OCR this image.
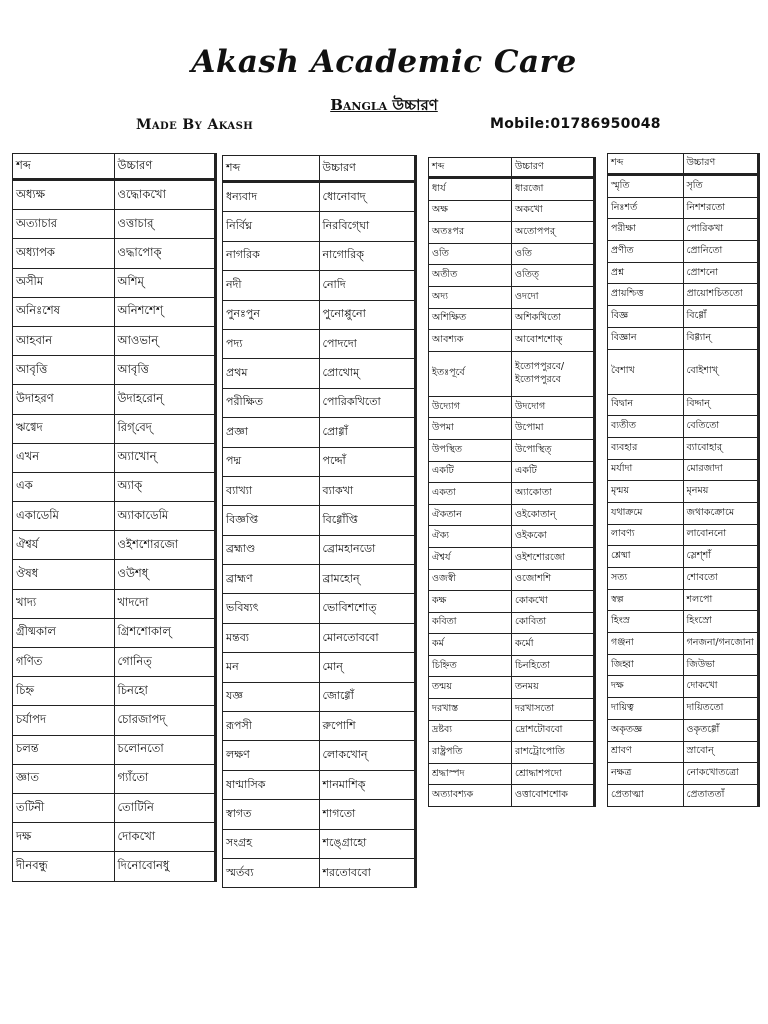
Akash Academic Care
Bangla উচ্চারণ
Made By Akash	Mobile:01786950048
শব্দ	উচ্চারণ
অধ্যক্ষ	ওদ্ধোকখো
অত্যাচার	ওত্তাচার্
অধ্যাপক	ওদ্ধাপোক্
অসীম	অশিম্
অনিঃশেষ	অনিশশেশ্
আহবান	আওভান্
আবৃত্তি	আবৃত্তি
উদাহরণ	উদাহরোন্
ঋগ্বেদ	রিগ্‌বেদ্
এখন	অ্যাখোন্
এক	অ্যাক্
একাডেমি	অ্যাকাডেমি
ঐশ্বর্য	ওইশশোরজো
ঔষধ	ওউশধ্
খাদ্য	খাদদো
গ্রীষ্মকাল	গ্রিশশোকাল্
গণিত	গোনিত্
চিহ্ন	চিনহো
চর্যাপদ	চোরজাপদ্
চলন্ত	চলোনতো
জ্ঞাত	গ্যাঁতো
তটিনী	তোটিনি
দক্ষ	দোকখো
দীনবন্ধু	দিনোবোনধু
শব্দ	উচ্চারণ
ধন্যবাদ	ধোনোবাদ্
নির্বিঘ্ন	নিরবিগ্ঘো
নাগরিক	নাগোরিক্
নদী	নোদি
পুনঃপুন	পুনোপ্পুনো
পদ্য	পোদদো
প্রথম	প্রোথোম্
পরীক্ষিত	পোরিকখিতো
প্রজ্ঞা	প্রোগ্গাঁ
পদ্ম	পদ্দোঁ
ব্যাখ্যা	ব্যাকখা
বিজ্ঞপ্তি	বিগ্গোঁপ্তি
ব্রহ্মাণ্ড	ব্রোমহানডো
ব্রাহ্মণ	ব্রামহোন্
ভবিষ্যৎ	ভোবিশশোত্
মন্তব্য	মোনতোববো
মন	মোন্
যজ্ঞ	জোগ্গোঁ
রূপসী	রুপোশি
লক্ষণ	লোকখোন্
ষাণ্মাসিক	শানমাশিক্
স্বাগত	শাগতো
সংগ্রহ	শঙ্গ্রোহো
স্মর্তব্য	শরতোববো
শব্দ	উচ্চারণ
ধার্য	ধারজো
অক্ষ	অকখো
অতঃপর	অতোপপর্
ওতি	ওতি
অতীত	ওতিত্
অদ্য	ওদদো
অশিক্ষিত	অশিকখিতো
আবশ্যক	আবোশশোক্
ইতঃপূর্বে	ইতোপপুরবে/ ইতোপপুরবে
উদ্যোগ	উদদোগ
উপমা	উপোমা
উপস্থিত	উপোস্থিত্
একটি	একটি
একতা	অ্যাকোতা
ঐকতান	ওইকোতান্
ঐক্য	ওইককো
ঐশ্বর্য	ওইশশোরজো
ওজস্বী	ওজোশশি
কক্ষ	কোকখো
কবিতা	কোবিতা
কর্ম	কর্মো
চিহ্নিত	চিনহিতো
তন্ময়	তনময়
দরখাস্ত	দরখাসতো
দ্রষ্টব্য	দ্রোশটোববো
রাষ্ট্রপতি	রাশট্রোপোতি
শ্রদ্ধাস্পদ	শ্রোদ্ধাশপদো
অত্যাবশ্যক	ওত্তাবোশশোক
শব্দ	উচ্চারণ
স্মৃতি	সৃতি
নিঃশর্ত	নিশশরতো
পরীক্ষা	পোরিকখা
প্রণীত	প্রোনিতো
প্রশ্ন	প্রোশনো
প্রায়শ্চিত্ত	প্রায়োশচিততো
বিজ্ঞ	বিগ্গোঁ
বিজ্ঞান	বিগ্গ্যান্
বৈশাখ	বোইশাখ্
বিদ্বান	বিদ্দান্
ব্যতীত	বেতিতো
ব্যবহার	ব্যাবোহার্
মর্যাদা	মোরজাদা
মৃন্ময়	মৃনময়
যথাক্রমে	জথাকক্রোমে
লাবণ্য	লাবোননো
শ্লেষ্মা	স্লেশ্শাঁ
সত্য	শোবতো
স্বল্প	শলপো
হিংস্র	হিংস্রো
গঞ্জনা	গনজনা/গনজোনা
জিহ্বা	জিউভা
দক্ষ	দোকখো
দায়িত্ব	দায়িততো
অকৃতজ্ঞ	ওকৃতগ্গোঁ
শ্রাবণ	স্রাবোন্
নক্ষত্র	নোকখোতত্রো
প্রেতাত্মা	প্রেতাততাঁ
